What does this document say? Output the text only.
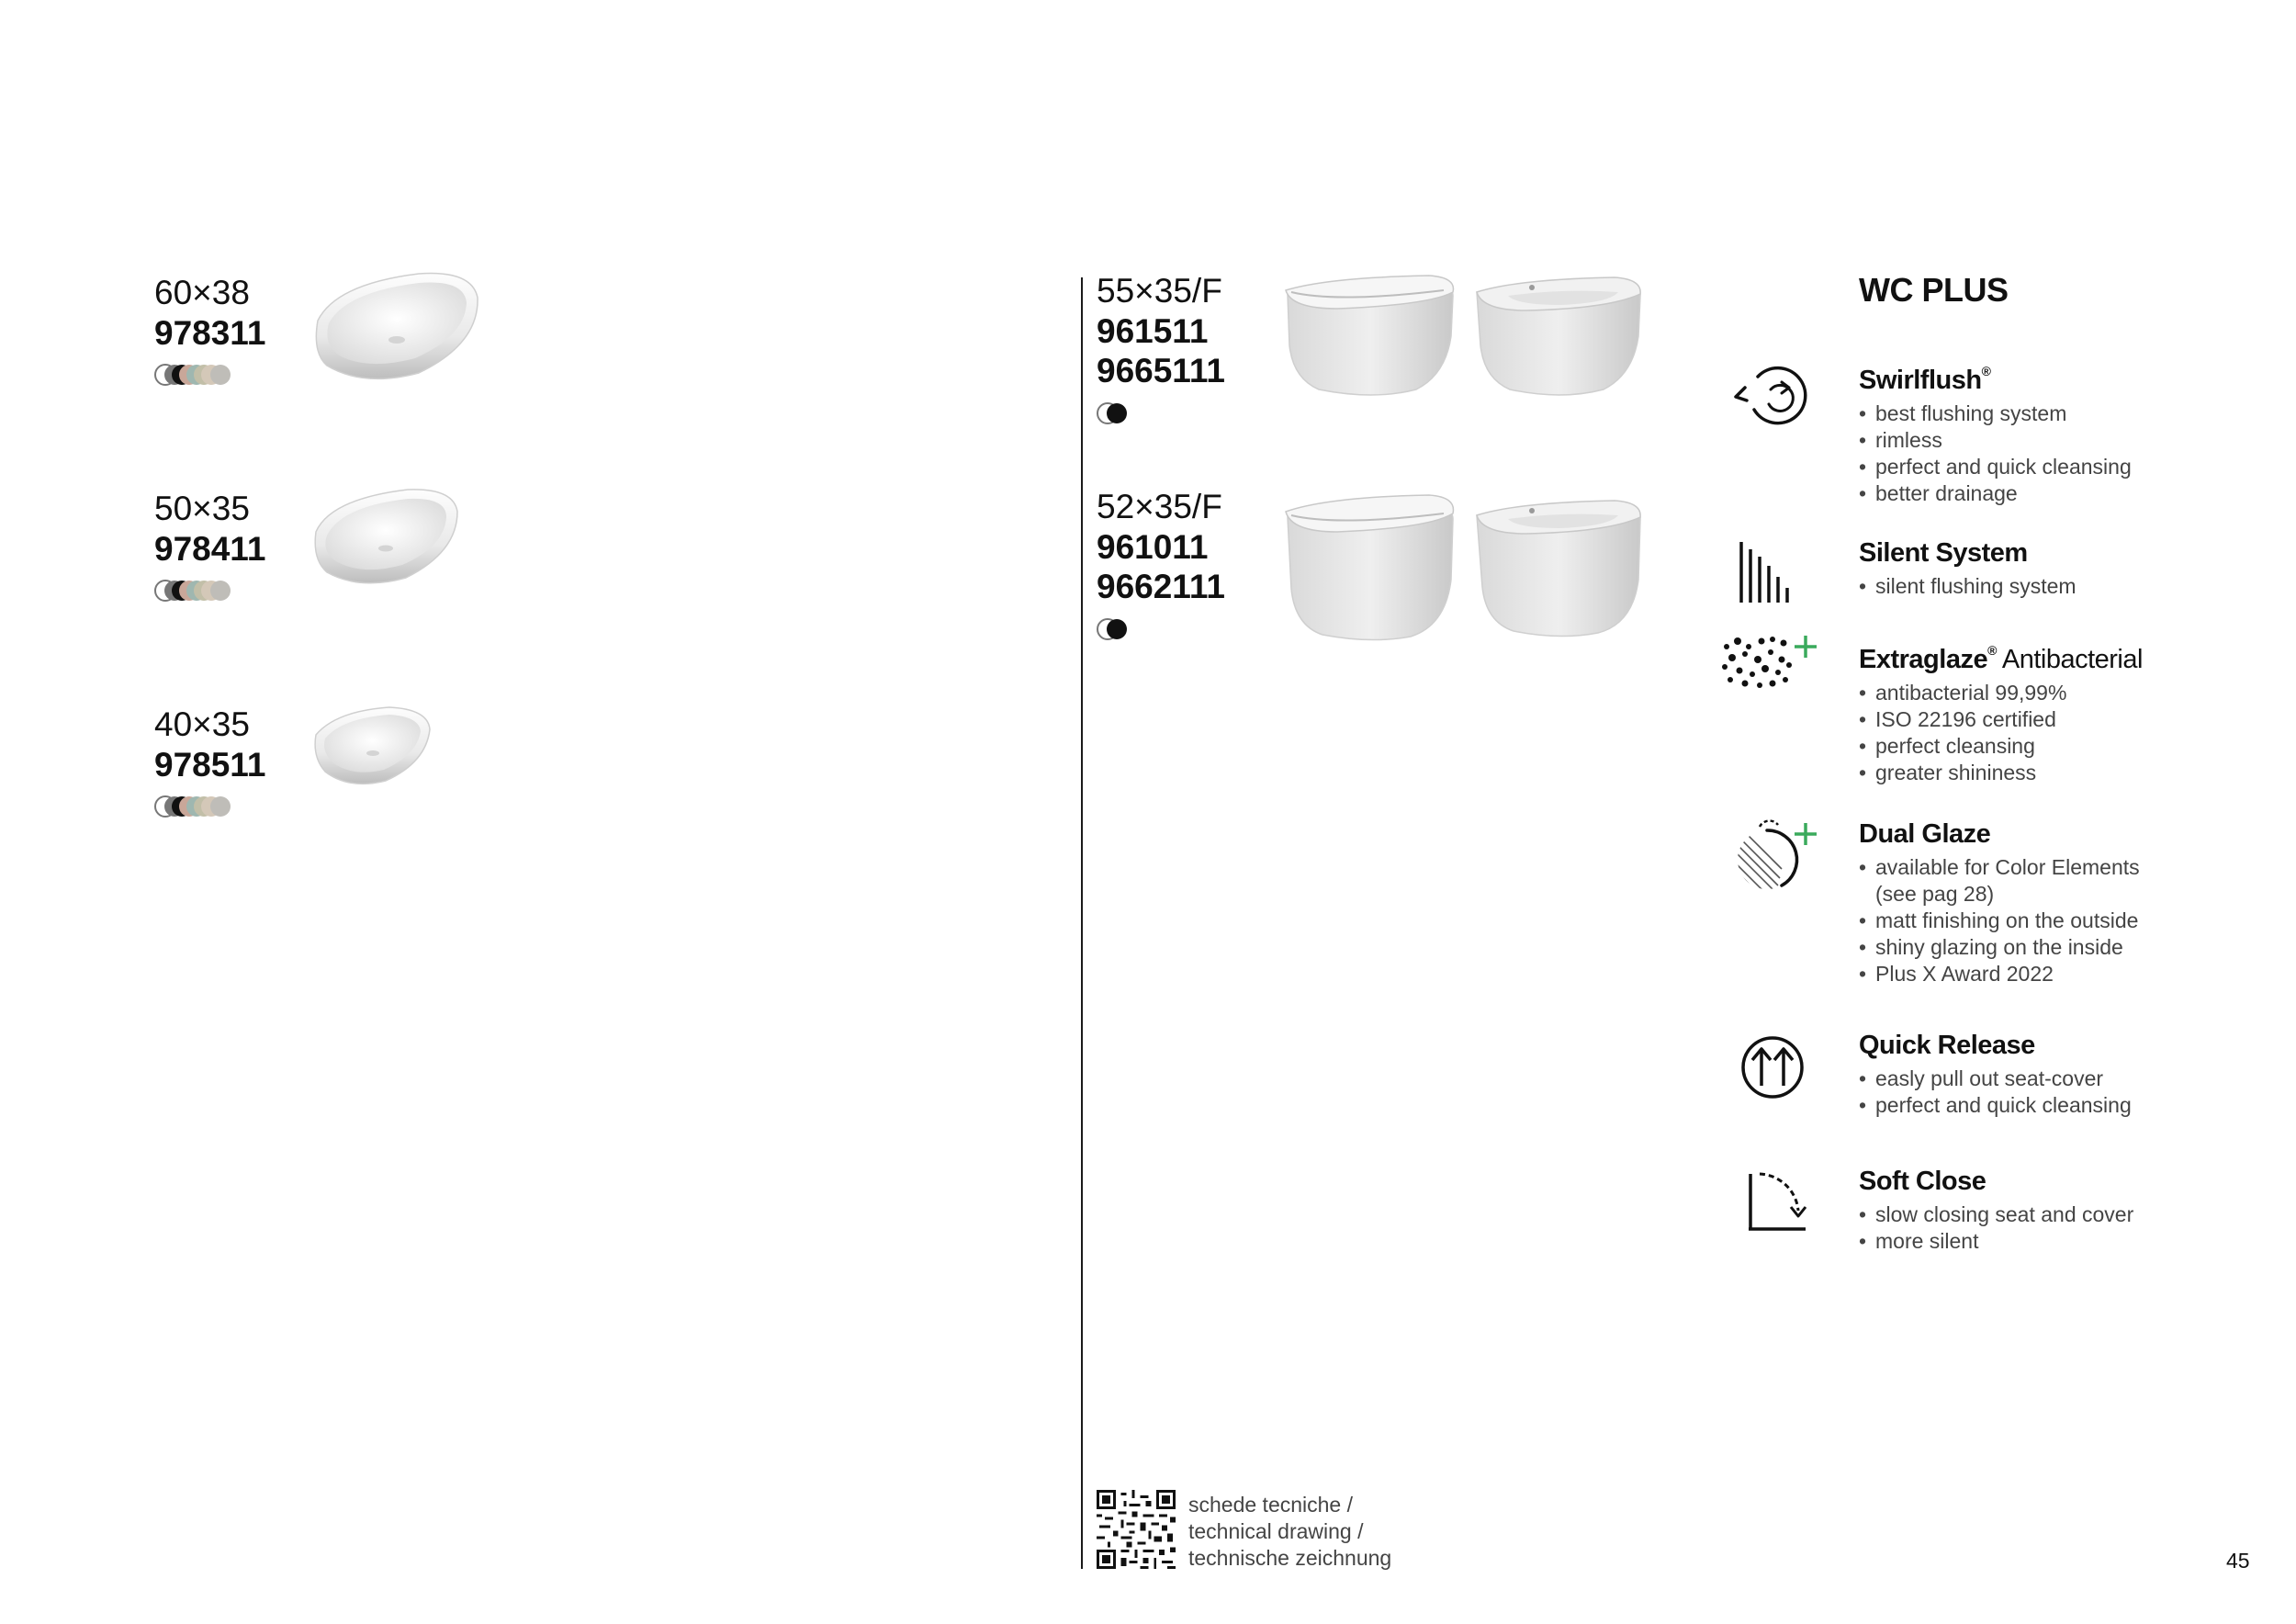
60×38
978311
50×35
978411
40×35
978511
55×35/F
961511
9665111
52×35/F
961011
9662111
WC PLUS
Swirlflush®
• best flushing system
• rimless
• perfect and quick cleansing
• better drainage
Silent System
• silent flushing system
Extraglaze® Antibacterial
• antibacterial 99,99%
• ISO 22196 certified
• perfect cleansing
• greater shininess
Dual Glaze
• available for Color Elements
(see pag 28)
• matt finishing on the outside
• shiny glazing on the inside
• Plus X Award 2022
Quick Release
• easly pull out seat-cover
• perfect and quick cleansing
Soft Close
• slow closing seat and cover
• more silent
schede tecniche /
technical drawing /
technische zeichnung	45
